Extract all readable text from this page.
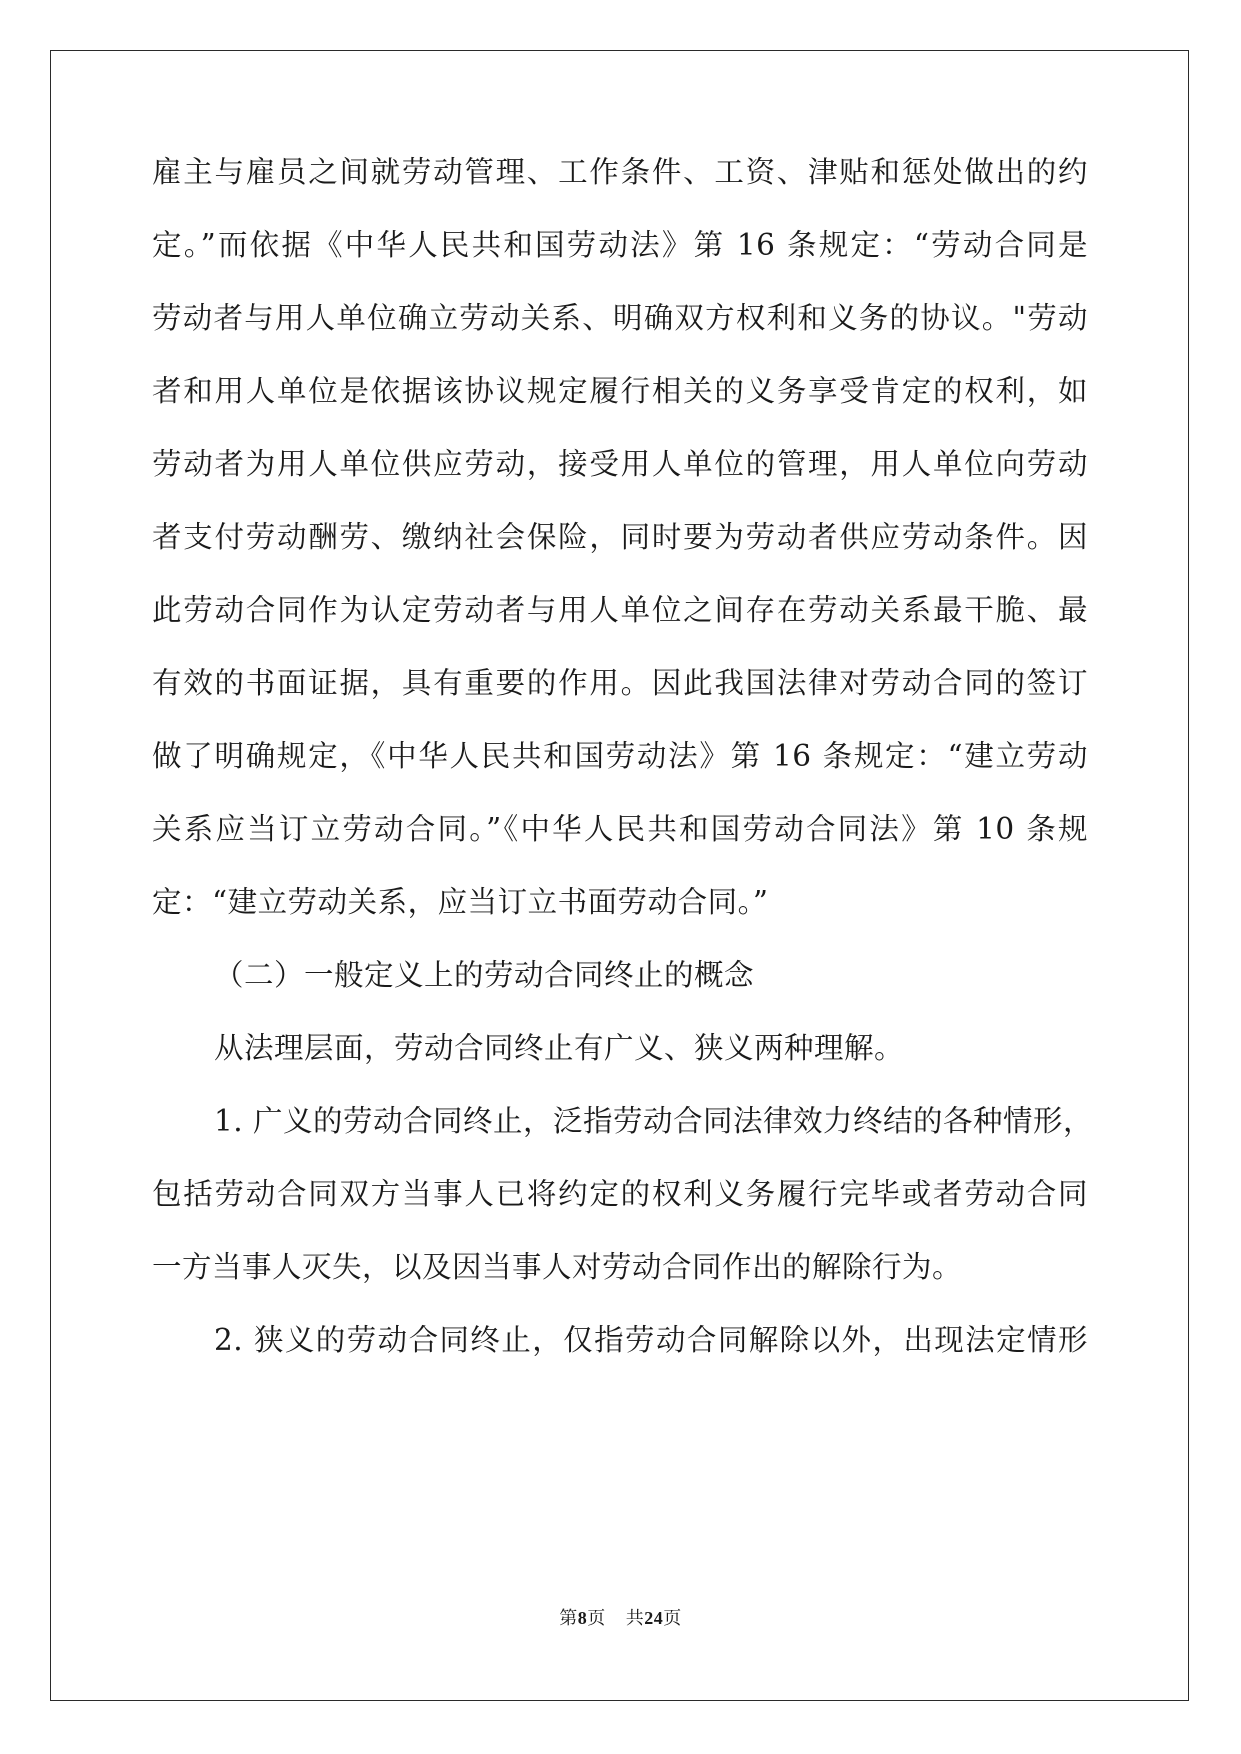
雇主与雇员之间就劳动管理、工作条件、工资、津贴和惩处做出的约
定。”而依据《中华人民共和国劳动法》第 16 条规定：“劳动合同是
劳动者与用人单位确立劳动关系、明确双方权利和义务的协议。"劳动
者和用人单位是依据该协议规定履行相关的义务享受肯定的权利，如
劳动者为用人单位供应劳动，接受用人单位的管理，用人单位向劳动
者支付劳动酬劳、缴纳社会保险，同时要为劳动者供应劳动条件。因
此劳动合同作为认定劳动者与用人单位之间存在劳动关系最干脆、最
有效的书面证据，具有重要的作用。因此我国法律对劳动合同的签订
做了明确规定，《中华人民共和国劳动法》第 16 条规定：“建立劳动
关系应当订立劳动合同。”《中华人民共和国劳动合同法》第 10 条规
定：“建立劳动关系，应当订立书面劳动合同。”
（二）一般定义上的劳动合同终止的概念
从法理层面，劳动合同终止有广义、狭义两种理解。
1. 广义的劳动合同终止，泛指劳动合同法律效力终结的各种情形，
包括劳动合同双方当事人已将约定的权利义务履行完毕或者劳动合同
一方当事人灭失，以及因当事人对劳动合同作出的解除行为。
2. 狭义的劳动合同终止，仅指劳动合同解除以外，出现法定情形
第8页 共24页
